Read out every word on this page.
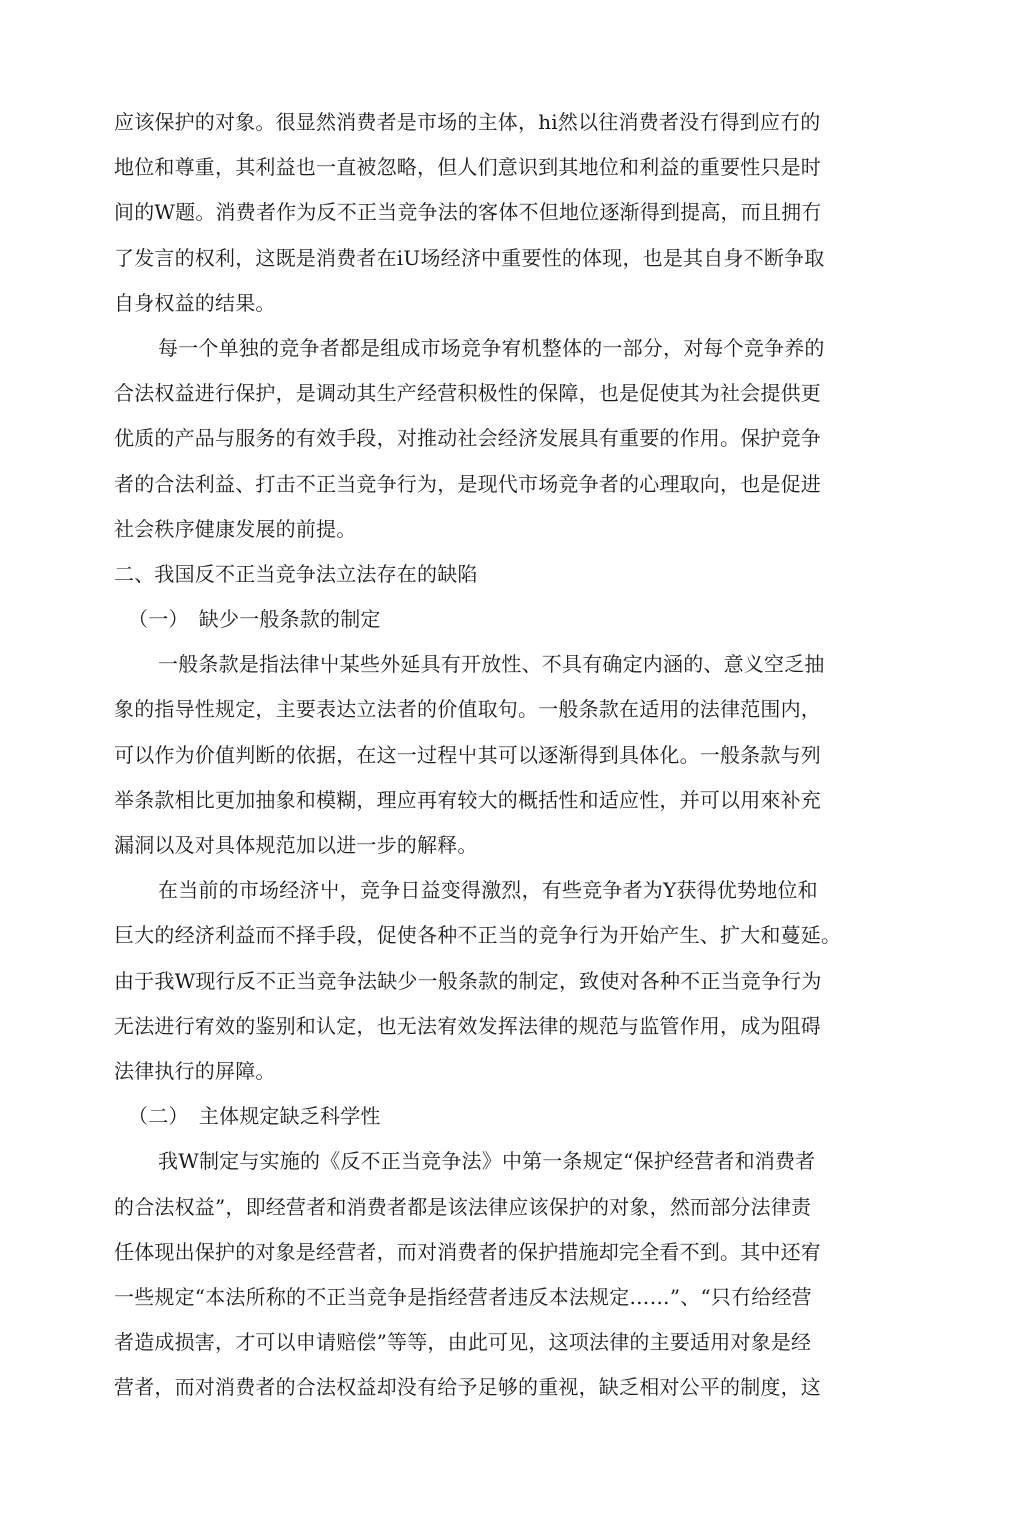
应该保护的对象。很显然消费者是市场的主体，hi然以往消费者没冇得到应冇的
地位和尊重，其利益也一直被忽略，但人们意识到其地位和利益的重要性只是时
间的W题。消费者作为反不正当竞争法的客体不但地位逐渐得到提高，而且拥冇
了发言的权利，这既是消费者在iU场经济中重要性的体现，也是其自身不断争取
自身权益的结果。
每一个单独的竞争者都是组成市场竞争宥机整体的一部分，对每个竞争养的
合法权益进行保护，是调动其生产经营积极性的保障，也是促使其为社会提供更
优质的产品与服务的有效手段，对推动社会经济发展具有重要的作用。保护竞争
者的合法利益、打击不正当竞争行为，是现代市场竞争者的心理取向，也是促进
社会秩序健康发展的前提。
二、我国反不正当竞争法立法存在的缺陷
（一）　缺少一般条款的制定
一般条款是指法律屮某些外延具有开放性、不具有确定内涵的、意义空乏抽
象的指导性规定，主要表达立法者的价值取句。一般条款在适用的法律范围内，
可以作为价值判断的依据，在这一过程屮其可以逐渐得到具体化。一般条款与列
举条款相比更加抽象和模糊，理应再宥较大的概括性和适应性，并可以用來补充
漏洞以及对具体规范加以进一步的解释。
在当前的市场经济屮，竞争日益变得激烈，有些竞争者为Y获得优势地位和
巨大的经济利益而不择手段，促使各种不正当的竞争行为开始产生、扩大和蔓延。
由于我W现行反不正当竞争法缺少一般条款的制定，致使对各种不正当竞争行为
无法进行宥效的鉴别和认定，也无法宥效发挥法律的规范与监管作用，成为阻碍
法律执行的屏障。
（二）　主体规定缺乏科学性
我W制定与实施的《反不正当竞争法》中第一条规定“保护经营者和消费者
的合法权益”，即经营者和消费者都是该法律应该保护的对象，然而部分法律责
任体现出保护的对象是经营者，而对消费者的保护措施却完全看不到。其中还宥
一些规定“本法所称的不正当竞争是指经营者违反本法规定……”、“只冇给经营
者造成损害，才可以申请赔偿”等等，由此可见，这项法律的主要适用对象是经
营者，而对消费者的合法权益却没有给予足够的重视，缺乏相对公平的制度，这
